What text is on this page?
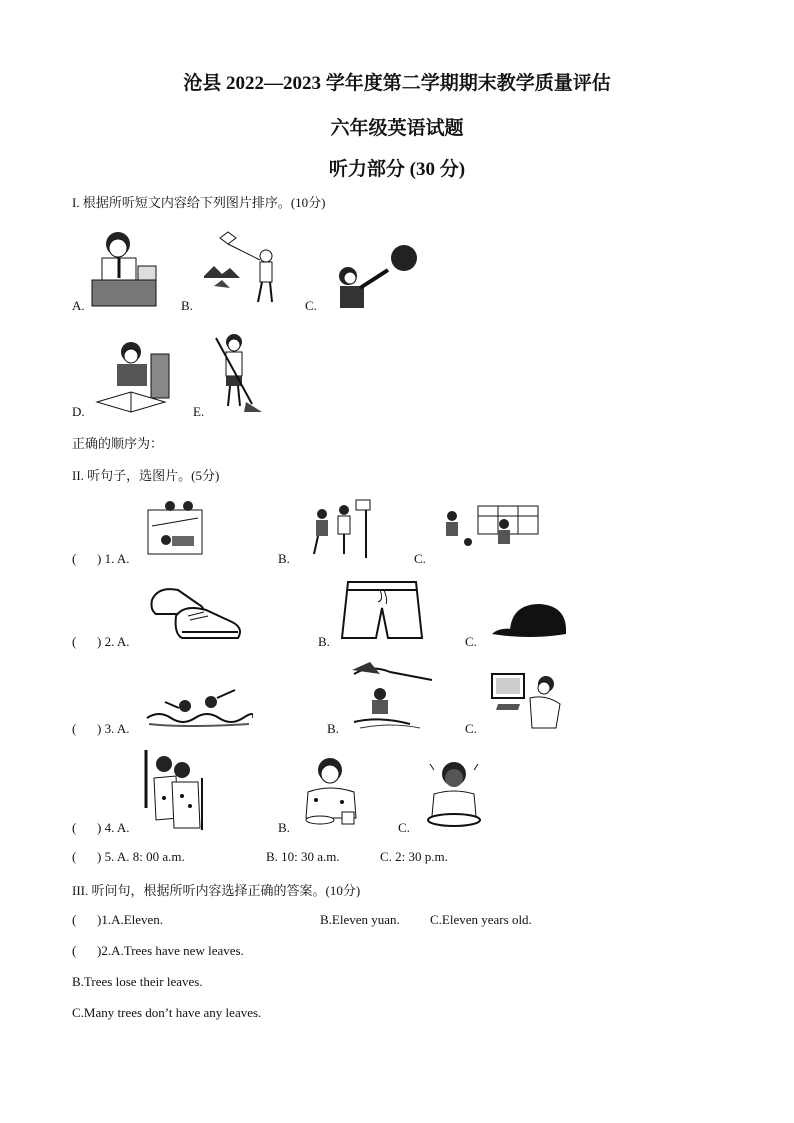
沧县 2022—2023 学年度第二学期期末教学质量评估
六年级英语试题
听力部分 (30 分)
I. 根据所听短文内容给下列图片排序。(10分)
A.	B.	C.
D.	E.
正确的顺序为：
II. 听句子，选图片。(5分)
( ) 1. A.	B.	C.
( ) 2. A.	B.	C.
( ) 3. A.	B.	C.
( ) 4. A.	B.	C.
( ) 5. A. 8: 00 a.m.	B. 10: 30 a.m.	C. 2: 30 p.m.
III. 听问句，根据所听内容选择正确的答案。(10分)
( )1.A.Eleven.	B.Eleven yuan. C.Eleven years old.
( )2.A.Trees have new leaves.
B.Trees lose their leaves.
C.Many trees don’t have any leaves.
